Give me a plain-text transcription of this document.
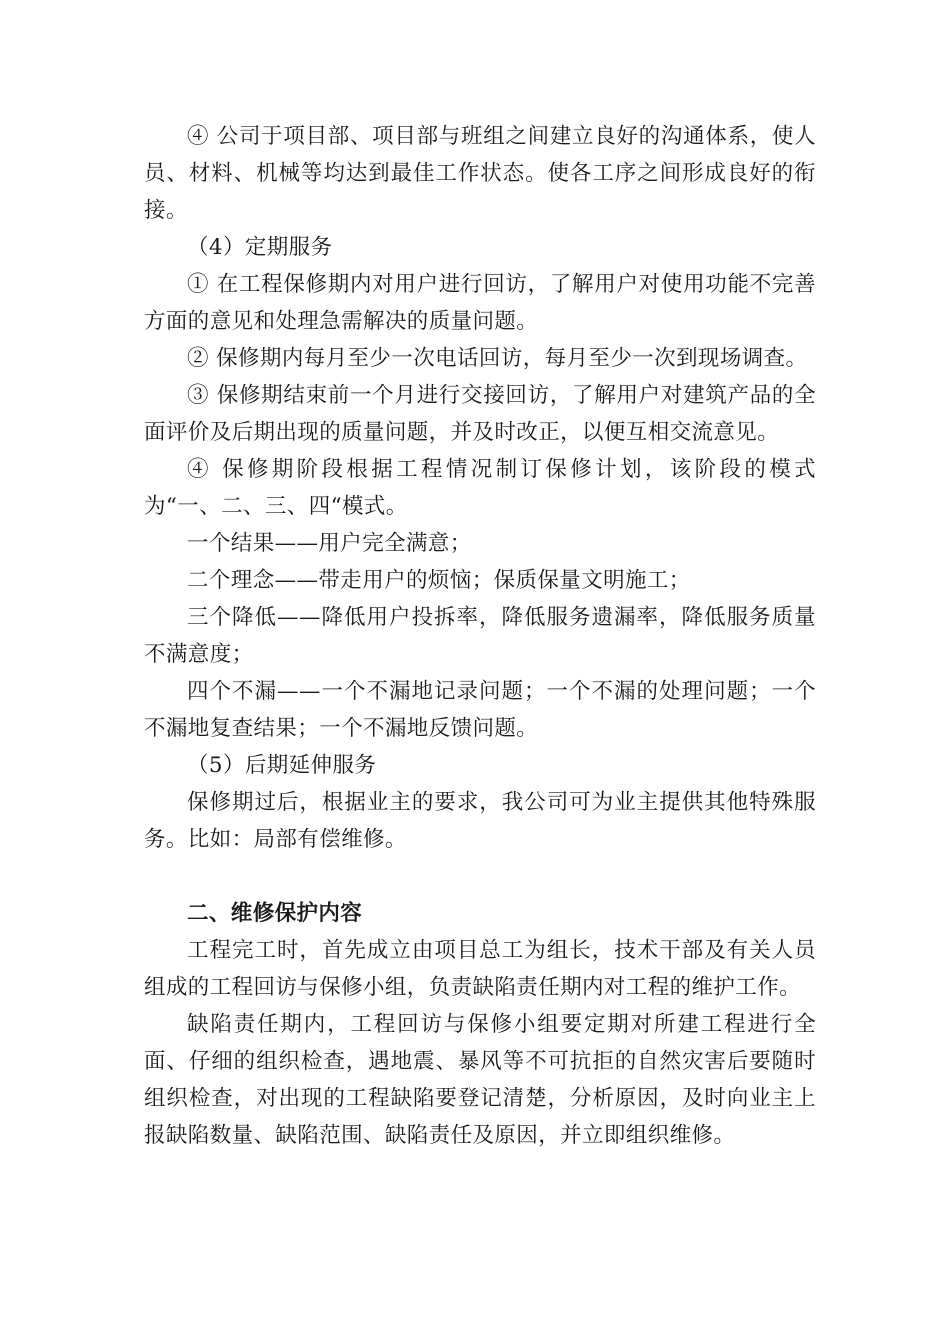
④ 公司于项目部、项目部与班组之间建立良好的沟通体系，使人员、材料、机械等均达到最佳工作状态。使各工序之间形成良好的衔接。

（4）定期服务

① 在工程保修期内对用户进行回访，了解用户对使用功能不完善方面的意见和处理急需解决的质量问题。

② 保修期内每月至少一次电话回访，每月至少一次到现场调查。

③ 保修期结束前一个月进行交接回访，了解用户对建筑产品的全面评价及后期出现的质量问题，并及时改正，以便互相交流意见。

④ 保修期阶段根据工程情况制订保修计划，该阶段的模式为“一、二、三、四“模式。

一个结果——用户完全满意；

二个理念——带走用户的烦恼；保质保量文明施工；

三个降低——降低用户投拆率，降低服务遗漏率，降低服务质量不满意度；

四个不漏——一个不漏地记录问题；一个不漏的处理问题；一个不漏地复查结果；一个不漏地反馈问题。

（5）后期延伸服务

保修期过后，根据业主的要求，我公司可为业主提供其他特殊服务。比如：局部有偿维修。

二、维修保护内容

工程完工时，首先成立由项目总工为组长，技术干部及有关人员组成的工程回访与保修小组，负责缺陷责任期内对工程的维护工作。

缺陷责任期内，工程回访与保修小组要定期对所建工程进行全面、仔细的组织检查，遇地震、暴风等不可抗拒的自然灾害后要随时组织检查，对出现的工程缺陷要登记清楚，分析原因，及时向业主上报缺陷数量、缺陷范围、缺陷责任及原因，并立即组织维修。
